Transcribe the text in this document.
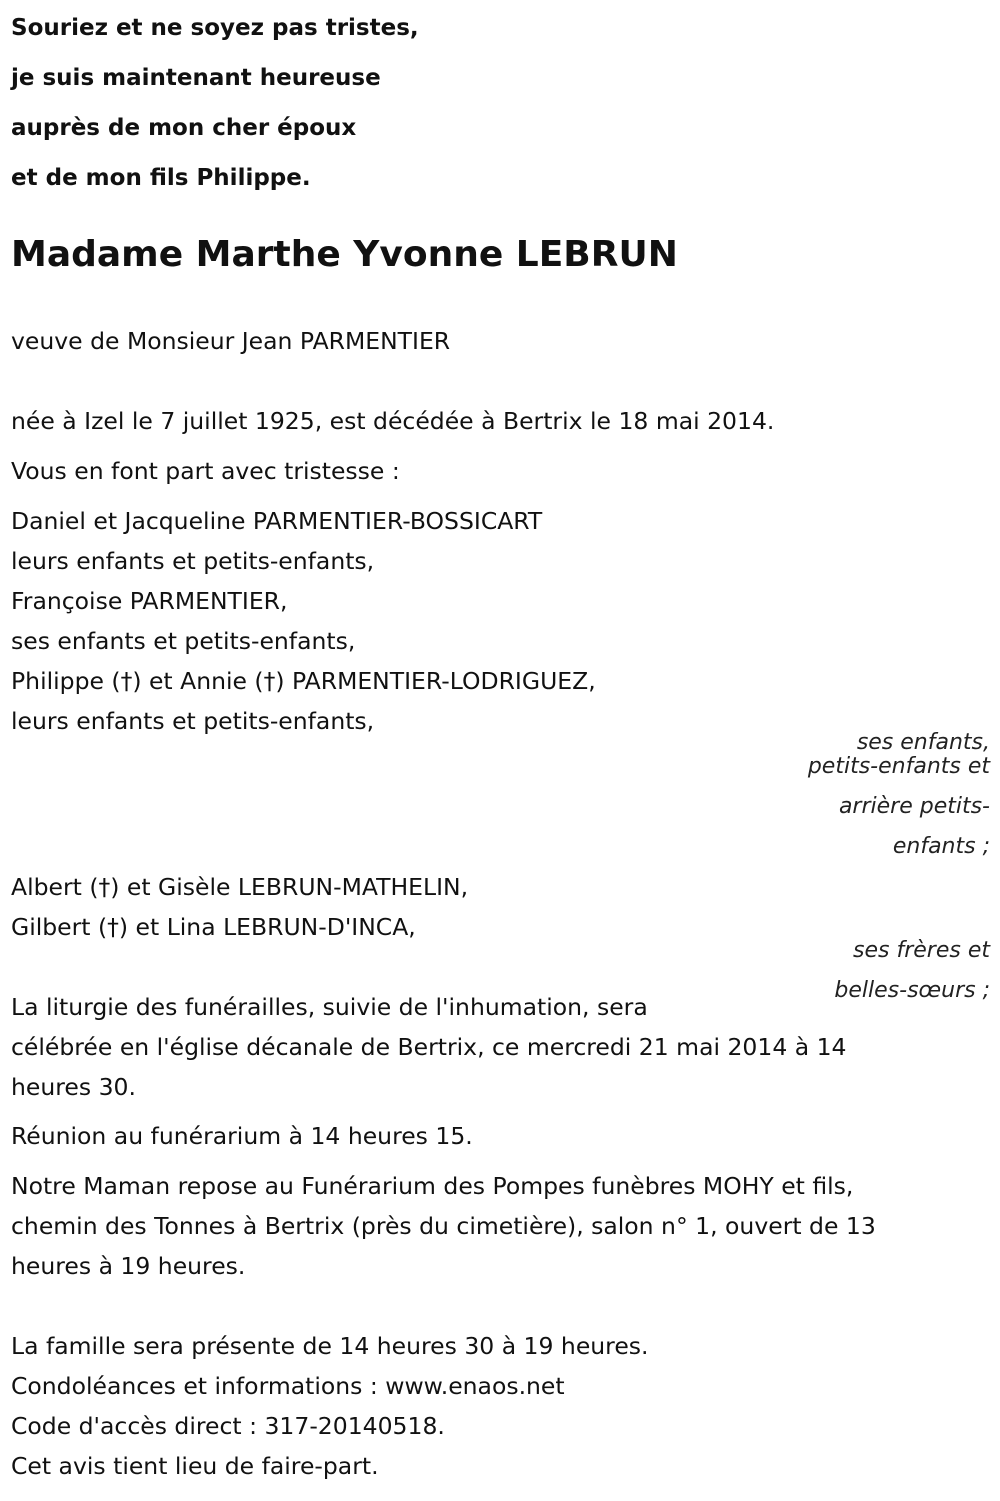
Souriez et ne soyez pas tristes,

je suis maintenant heureuse

auprès de mon cher époux

et de mon fils Philippe.

Madame Marthe Yvonne LEBRUN

veuve de Monsieur Jean PARMENTIER

née à Izel le 7 juillet 1925, est décédée à Bertrix le 18 mai 2014.

Vous en font part avec tristesse :

Daniel et Jacqueline PARMENTIER-BOSSICART

leurs enfants et petits-enfants,

Françoise PARMENTIER,

ses enfants et petits-enfants,

Philippe (†) et Annie (†) PARMENTIER-LODRIGUEZ,

leurs enfants et petits-enfants,

ses enfants,
petits-enfants et
arrière petits-
enfants ;

Albert (†) et Gisèle LEBRUN-MATHELIN,

Gilbert (†) et Lina LEBRUN-D'INCA,

ses frères et
belles-sœurs ;

La liturgie des funérailles, suivie de l'inhumation, sera

célébrée en l'église décanale de Bertrix, ce mercredi 21 mai 2014 à 14

heures 30.

Réunion au funérarium à 14 heures 15.

Notre Maman repose au Funérarium des Pompes funèbres MOHY et fils,

chemin des Tonnes à Bertrix (près du cimetière), salon n° 1, ouvert de 13

heures à 19 heures.

La famille sera présente de 14 heures 30 à 19 heures.

Condoléances et informations : www.enaos.net

Code d'accès direct : 317-20140518.

Cet avis tient lieu de faire-part.
